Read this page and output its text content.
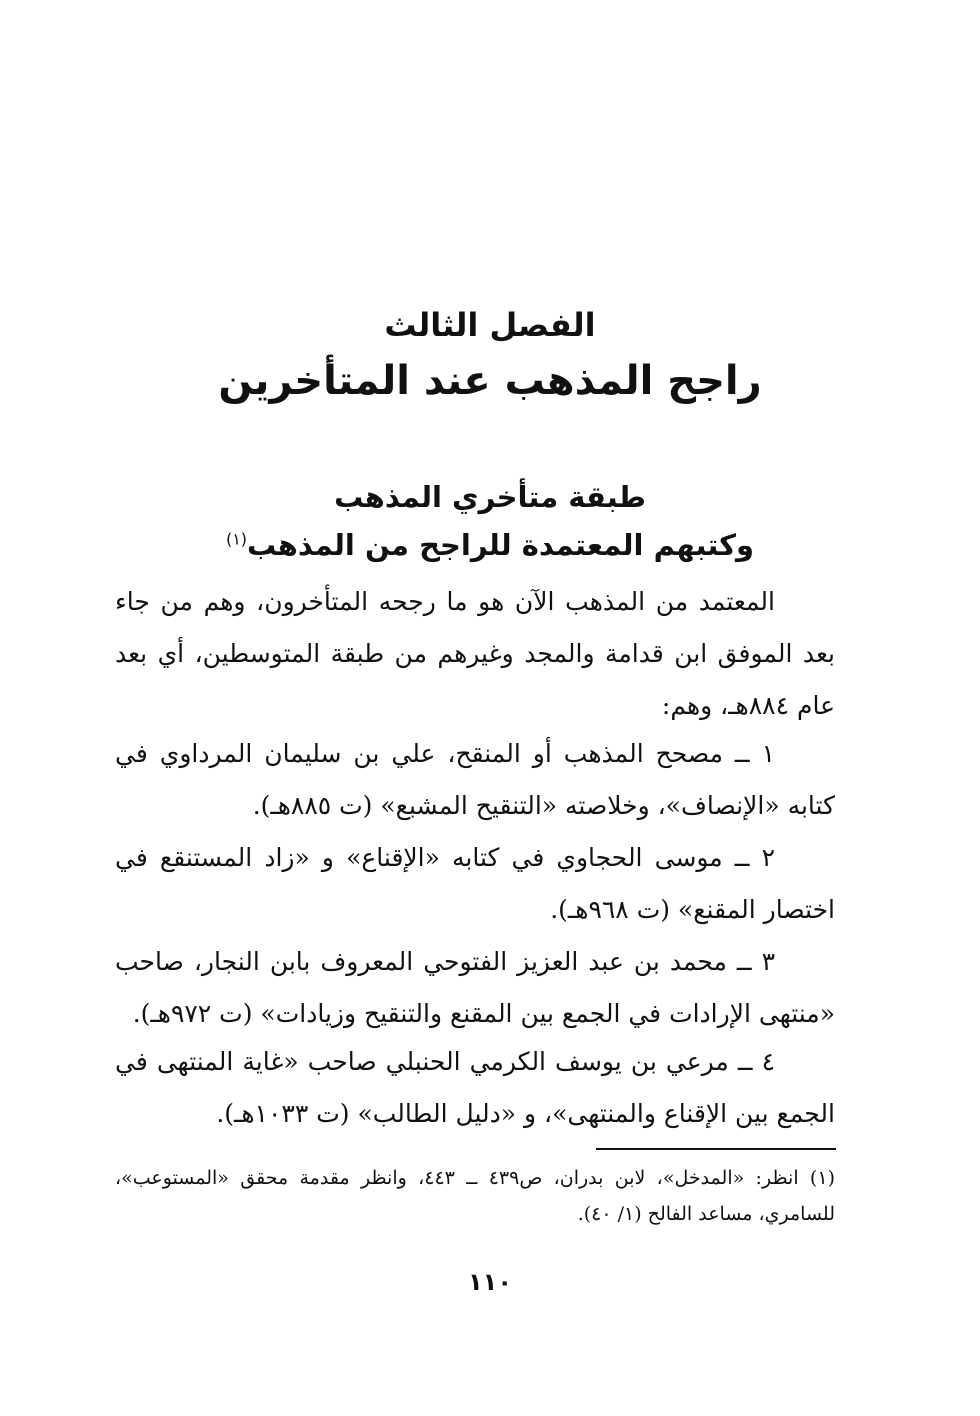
الفصل الثالث
راجح المذهب عند المتأخرين
طبقة متأخري المذهب
وكتبهم المعتمدة للراجح من المذهب$^{(١)}$

المعتمد من المذهب الآن هو ما رجحه المتأخرون، وهم من جاء بعد الموفق ابن قدامة والمجد وغيرهم من طبقة المتوسطين، أي بعد عام ٨٨٤هـ، وهم:

١ ــ مصحح المذهب أو المنقح، علي بن سليمان المرداوي في كتابه «الإنصاف»، وخلاصته «التنقيح المشبع» (ت ٨٨٥هـ).

٢ ــ موسى الحجاوي في كتابه «الإقناع» و «زاد المستنقع في اختصار المقنع» (ت ٩٦٨هـ).

٣ ــ محمد بن عبد العزيز الفتوحي المعروف بابن النجار، صاحب «منتهى الإرادات في الجمع بين المقنع والتنقيح وزيادات» (ت ٩٧٢هـ).

٤ ــ مرعي بن يوسف الكرمي الحنبلي صاحب «غاية المنتهى في الجمع بين الإقناع والمنتهى»، و «دليل الطالب» (ت ١٠٣٣هـ).

(١) انظر: «المدخل»، لابن بدران، ص٤٣٩ ــ ٤٤٣، وانظر مقدمة محقق «المستوعب»، للسامري، مساعد الفالح (١/ ٤٠).

١١٠
